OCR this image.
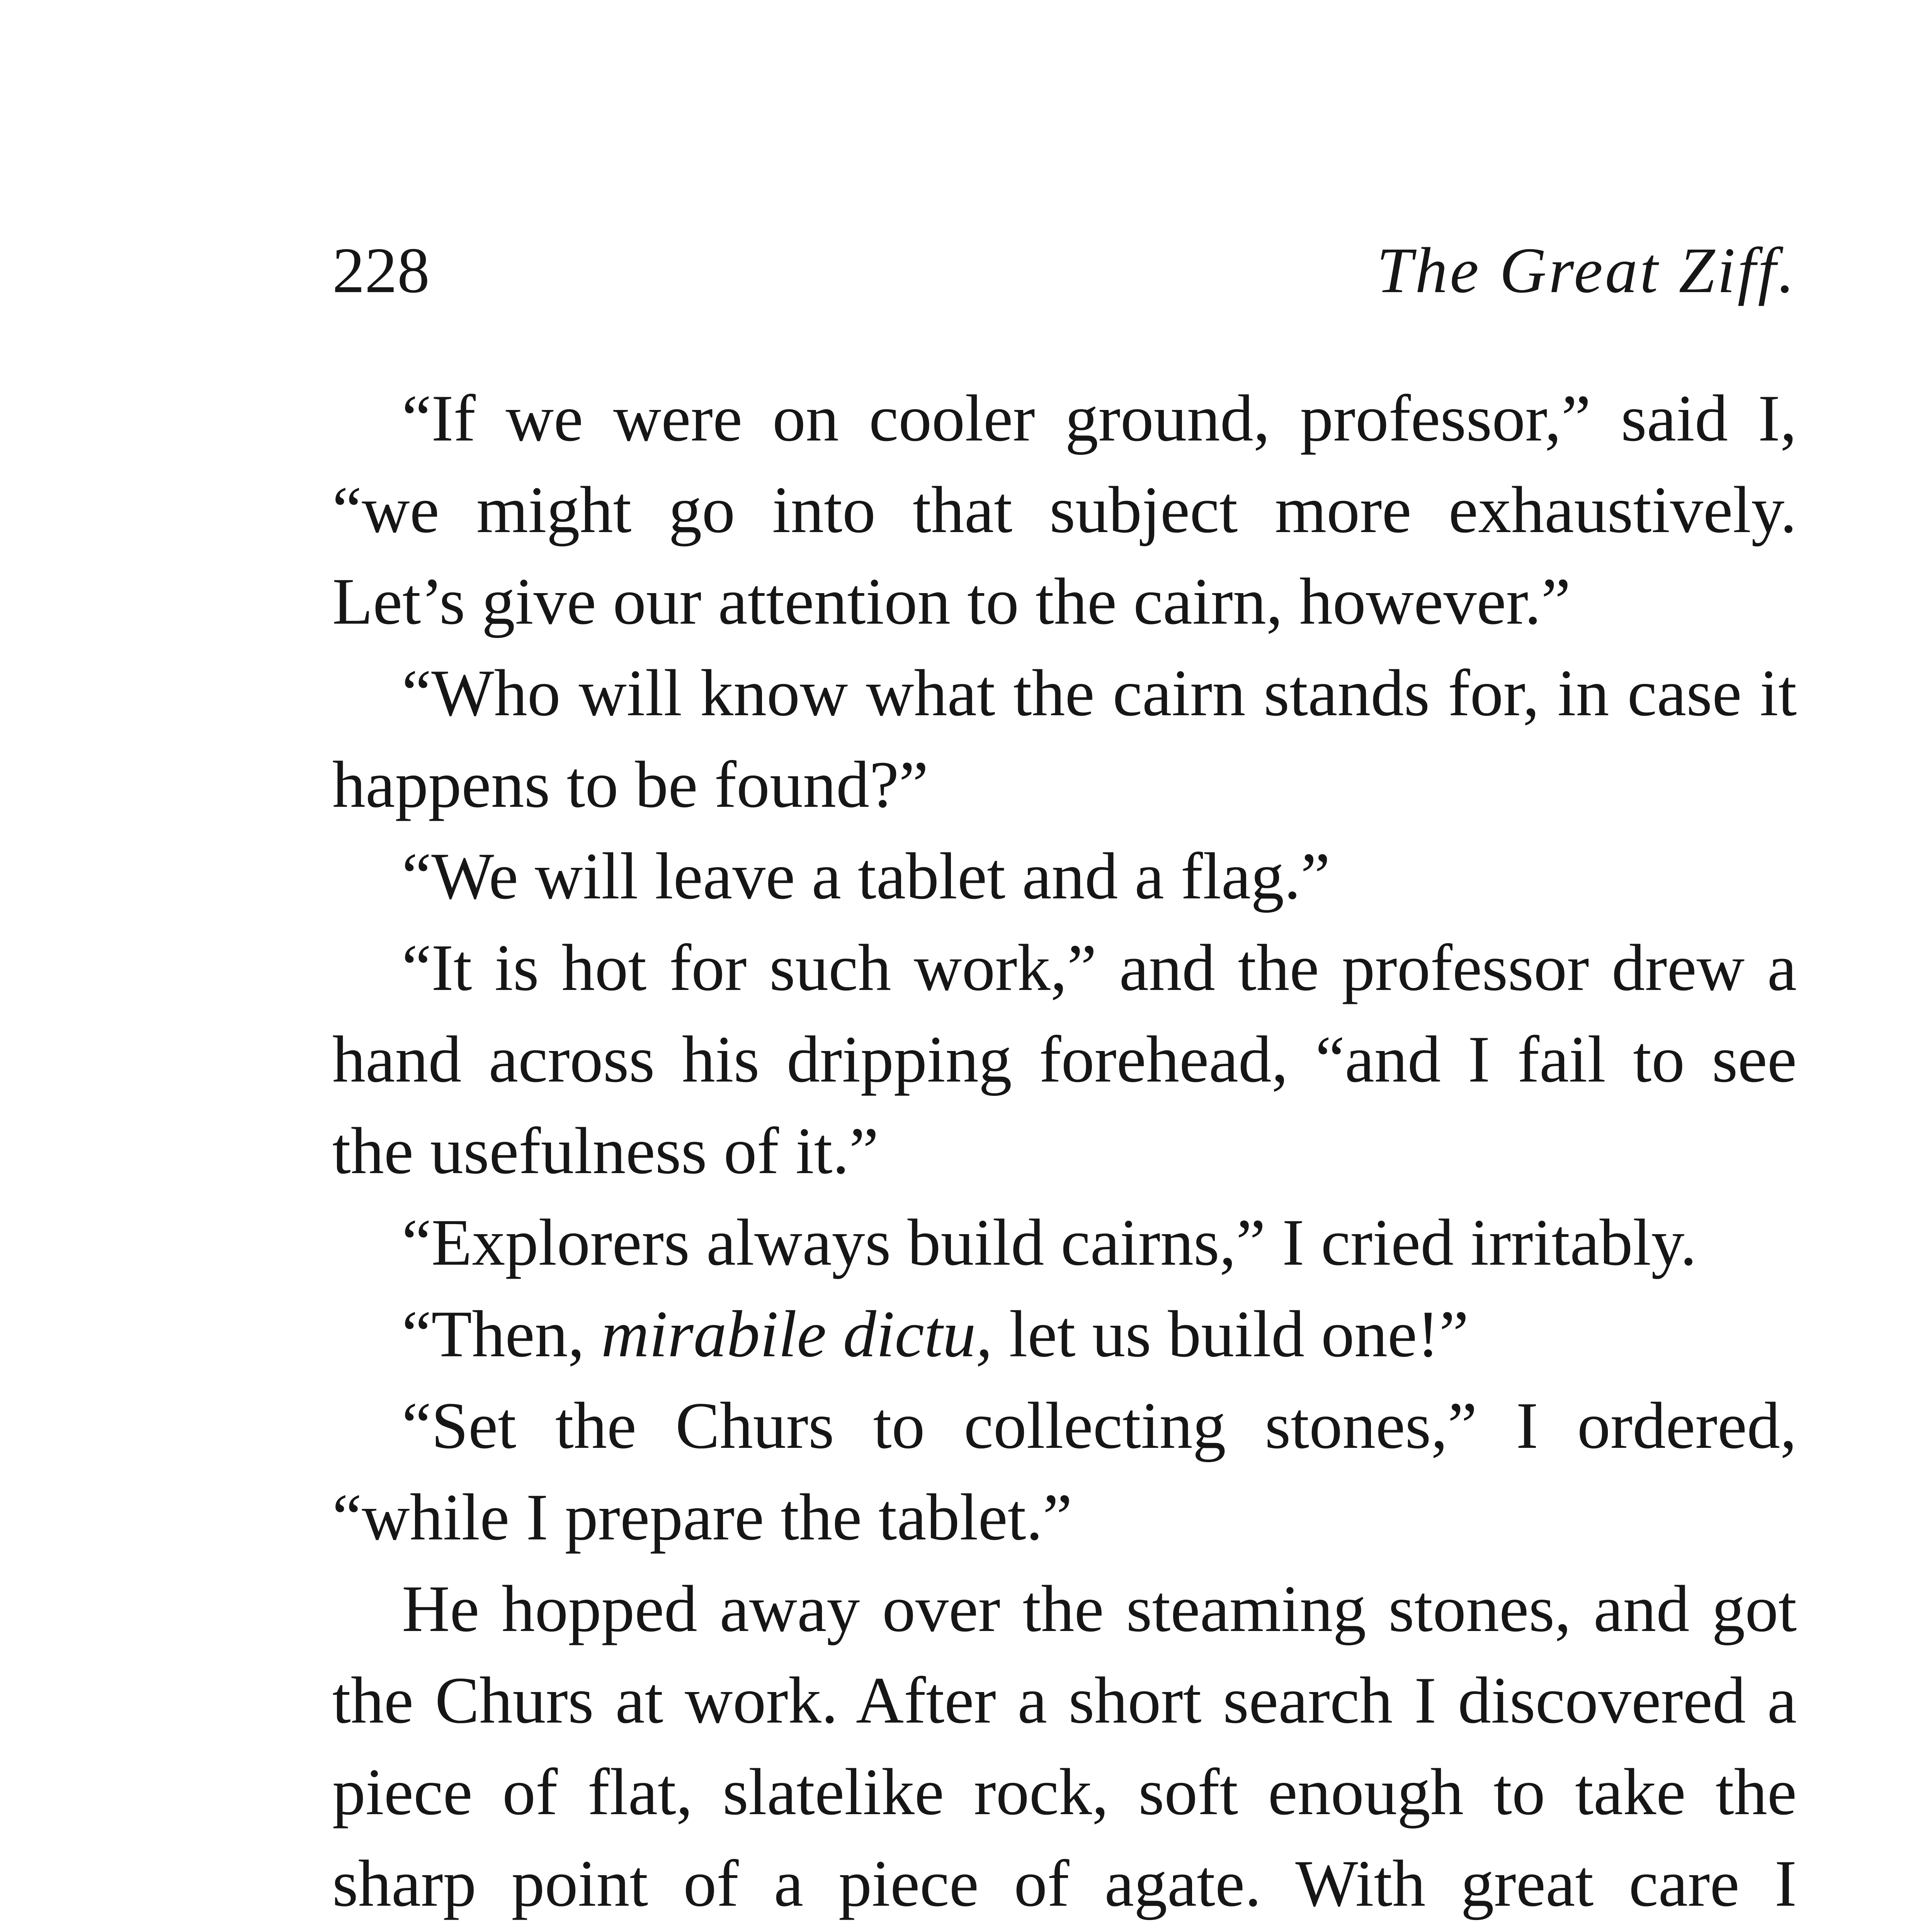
228	The Great Ziff.

“If we were on cooler ground, professor,” said I, “we might go into that subject more exhaustively. Let’s give our attention to the cairn, however.”

“Who will know what the cairn stands for, in case it happens to be found?”

“We will leave a tablet and a flag.”

“It is hot for such work,” and the professor drew a hand across his dripping forehead, “and I fail to see the usefulness of it.”

“Explorers always build cairns,” I cried irritably.

“Then, mirabile dictu, let us build one!”

“Set the Churs to collecting stones,” I ordered, “while I prepare the tablet.”

He hopped away over the steaming stones, and got the Churs at work. After a short search I discovered a piece of flat, slatelike rock, soft enough to take the sharp point of a piece of agate. With great care I
